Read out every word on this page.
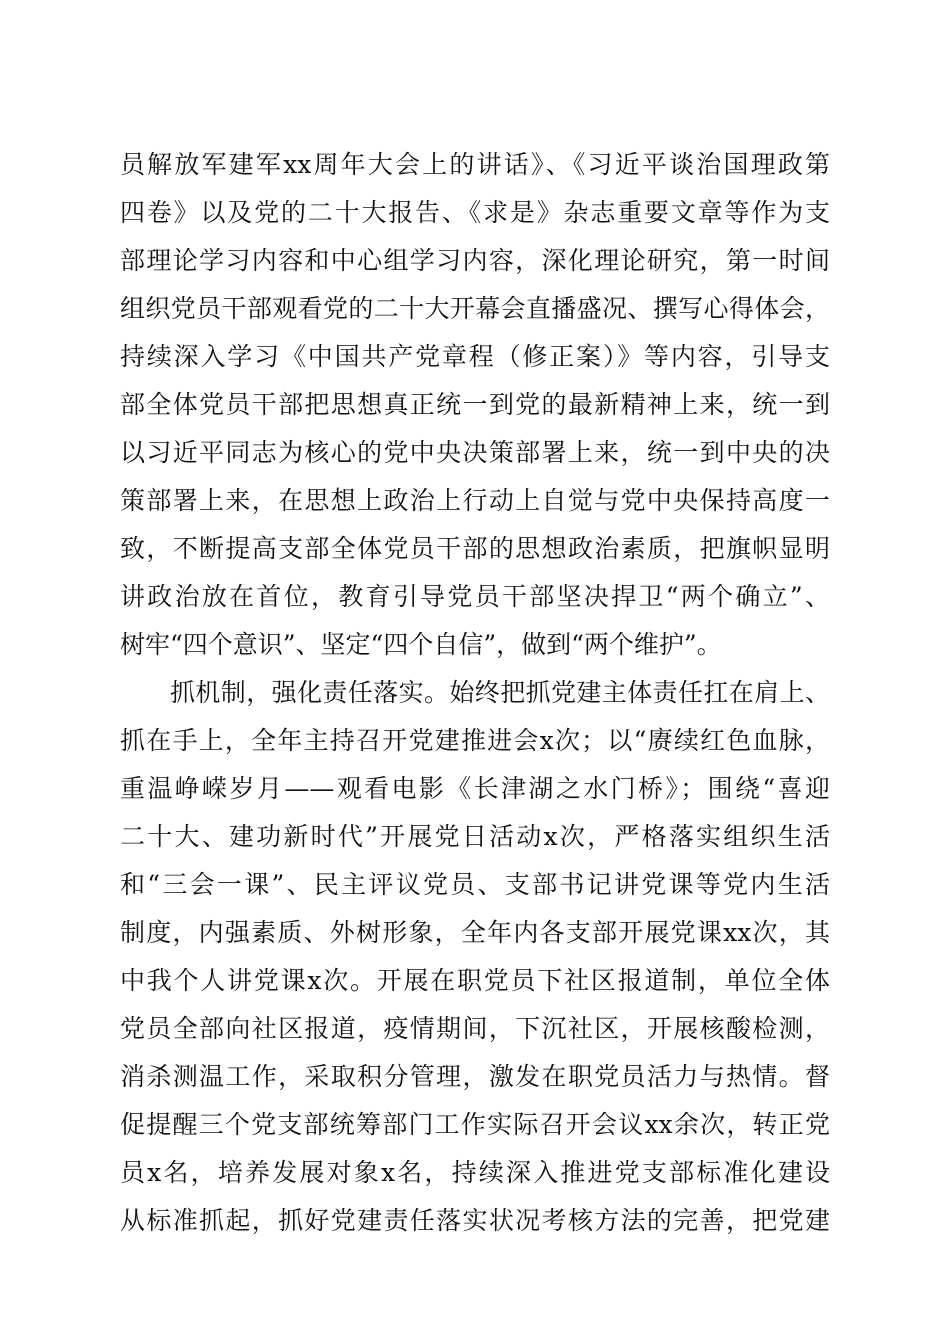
员解放军建军xx周年大会上的讲话》、《习近平谈治国理政第
四卷》以及党的二十大报告、《求是》杂志重要文章等作为支
部理论学习内容和中心组学习内容，深化理论研究，第一时间
组织党员干部观看党的二十大开幕会直播盛况、撰写心得体会，
持续深入学习《中国共产党章程（修正案）》等内容，引导支
部全体党员干部把思想真正统一到党的最新精神上来，统一到
以习近平同志为核心的党中央决策部署上来，统一到中央的决
策部署上来，在思想上政治上行动上自觉与党中央保持高度一
致，不断提高支部全体党员干部的思想政治素质，把旗帜显明
讲政治放在首位，教育引导党员干部坚决捍卫“两个确立”、
树牢“四个意识”、坚定“四个自信”，做到“两个维护”。
抓机制，强化责任落实。始终把抓党建主体责任扛在肩上、
抓在手上，全年主持召开党建推进会x次；以“赓续红色血脉，
重温峥嵘岁月——观看电影《长津湖之水门桥》；围绕“喜迎
二十大、建功新时代”开展党日活动x次，严格落实组织生活
和“三会一课”、民主评议党员、支部书记讲党课等党内生活
制度，内强素质、外树形象，全年内各支部开展党课xx次，其
中我个人讲党课x次。开展在职党员下社区报道制，单位全体
党员全部向社区报道，疫情期间，下沉社区，开展核酸检测，
消杀测温工作，采取积分管理，激发在职党员活力与热情。督
促提醒三个党支部统筹部门工作实际召开会议xx余次，转正党
员x名，培养发展对象x名，持续深入推进党支部标准化建设
从标准抓起，抓好党建责任落实状况考核方法的完善，把党建
